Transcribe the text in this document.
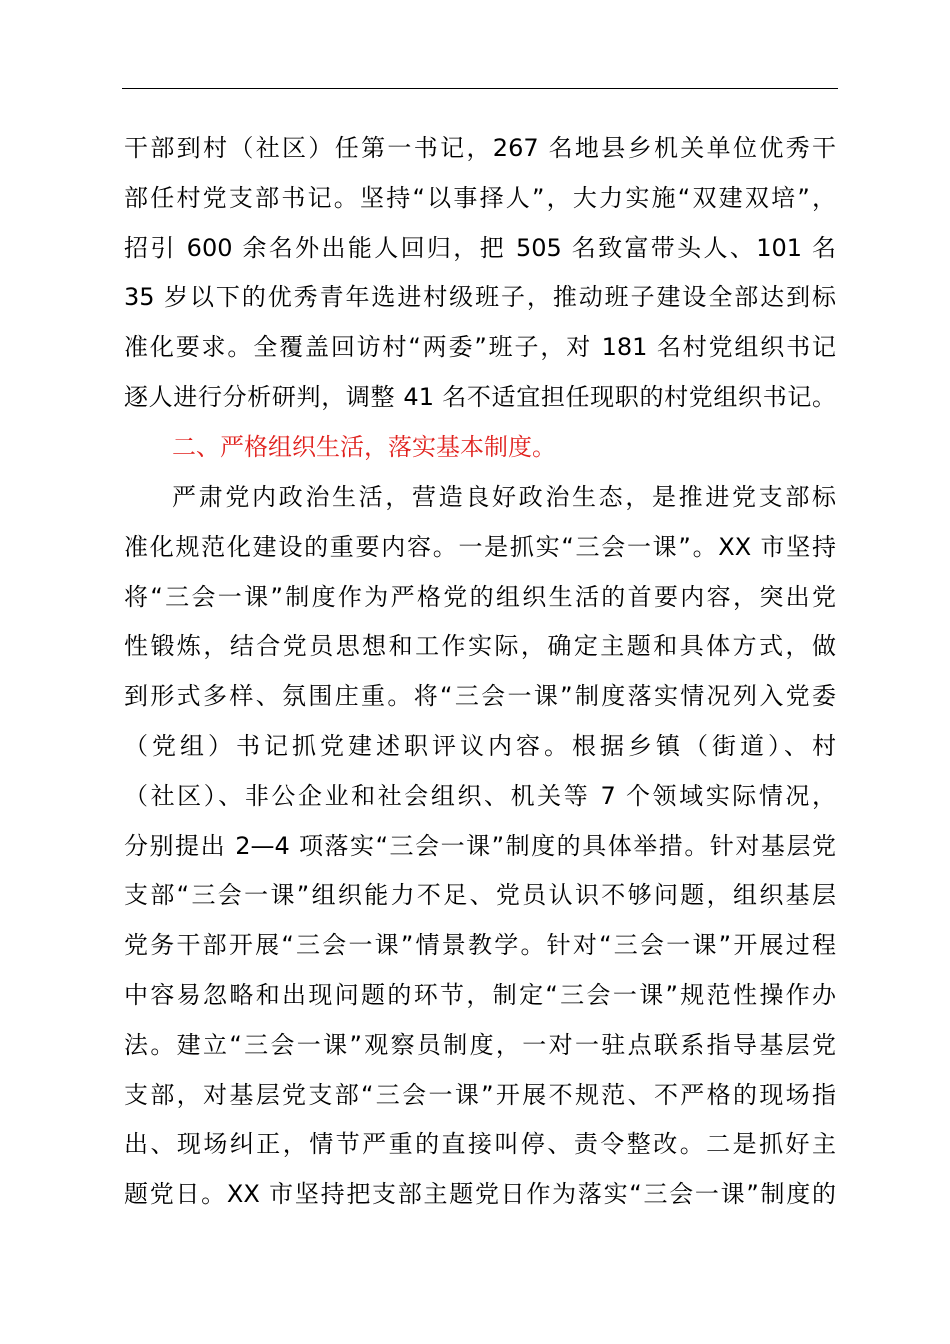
干部到村（社区）任第一书记，267 名地县乡机关单位优秀干
部任村党支部书记。坚持“以事择人”，大力实施“双建双培”，
招引 600 余名外出能人回归，把 505 名致富带头人、101 名
35 岁以下的优秀青年选进村级班子，推动班子建设全部达到标
准化要求。全覆盖回访村“两委”班子，对 181 名村党组织书记
逐人进行分析研判，调整 41 名不适宜担任现职的村党组织书记。
二、严格组织生活，落实基本制度。
严肃党内政治生活，营造良好政治生态，是推进党支部标
准化规范化建设的重要内容。一是抓实“三会一课”。XX 市坚持
将“三会一课”制度作为严格党的组织生活的首要内容，突出党
性锻炼，结合党员思想和工作实际，确定主题和具体方式，做
到形式多样、氛围庄重。将“三会一课”制度落实情况列入党委
（党组）书记抓党建述职评议内容。根据乡镇（街道）、村
（社区）、非公企业和社会组织、机关等 7 个领域实际情况，
分别提出 2—4 项落实“三会一课”制度的具体举措。针对基层党
支部“三会一课”组织能力不足、党员认识不够问题，组织基层
党务干部开展“三会一课”情景教学。针对“三会一课”开展过程
中容易忽略和出现问题的环节，制定“三会一课”规范性操作办
法。建立“三会一课”观察员制度，一对一驻点联系指导基层党
支部，对基层党支部“三会一课”开展不规范、不严格的现场指
出、现场纠正，情节严重的直接叫停、责令整改。二是抓好主
题党日。XX 市坚持把支部主题党日作为落实“三会一课”制度的
